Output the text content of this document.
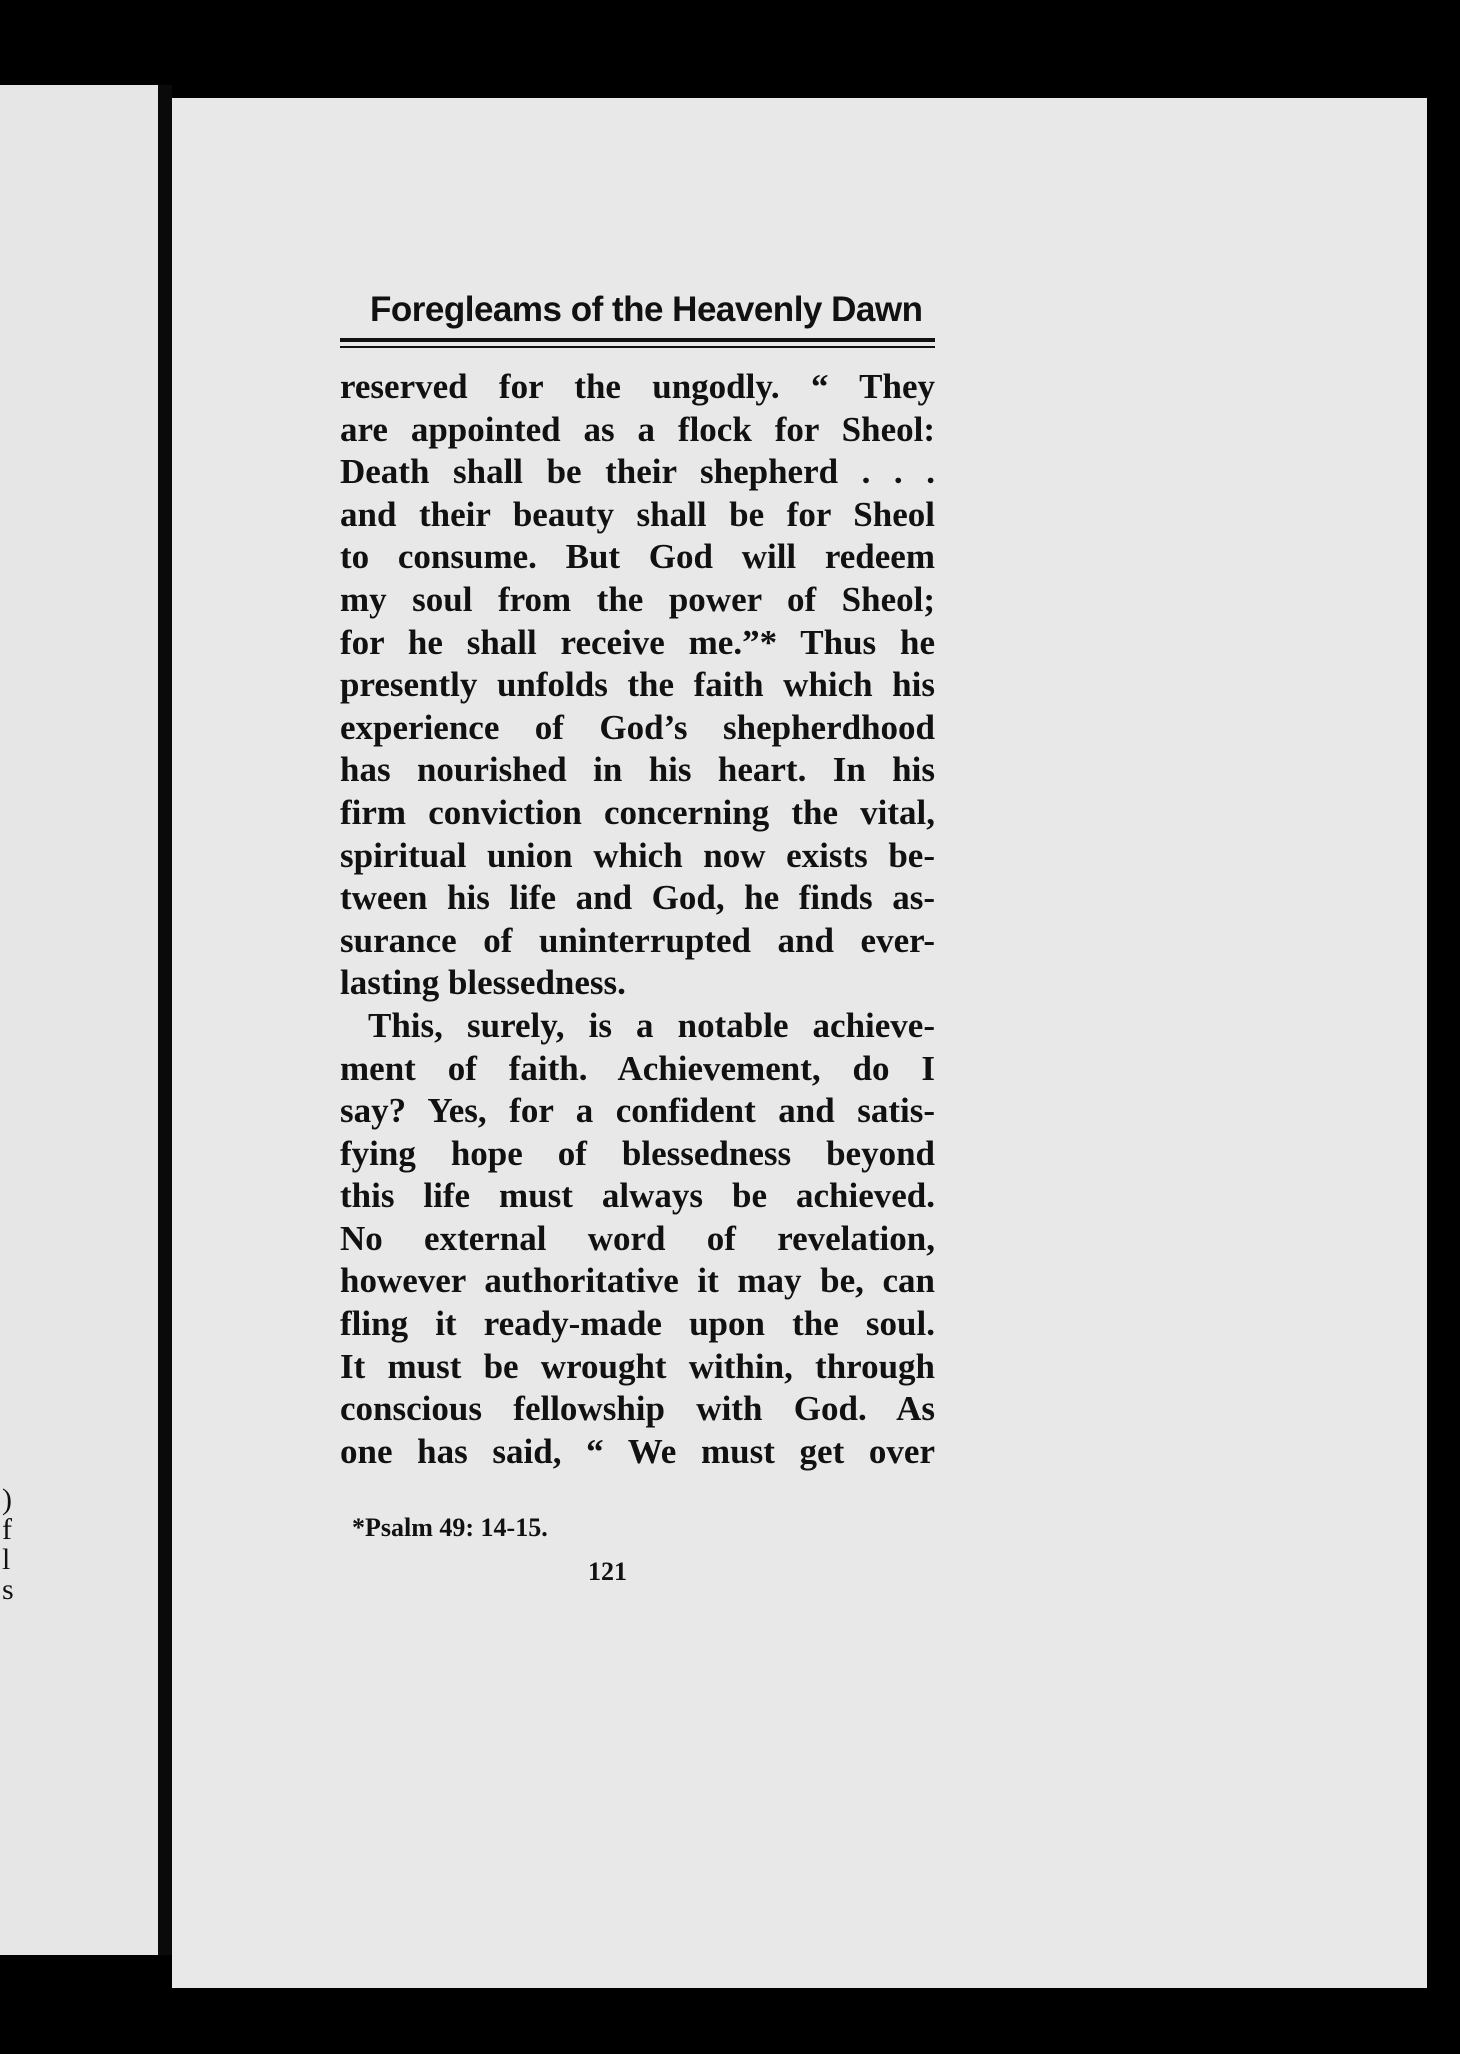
)
f
l
s
Foregleams of the Heavenly Dawn
reserved for the ungodly. “ They
are appointed as a flock for Sheol:
Death shall be their shepherd . . .
and their beauty shall be for Sheol
to consume. But God will redeem
my soul from the power of Sheol;
for he shall receive me.”* Thus he
presently unfolds the faith which his
experience of God’s shepherdhood
has nourished in his heart. In his
firm conviction concerning the vital,
spiritual union which now exists be-
tween his life and God, he finds as-
surance of uninterrupted and ever-
lasting blessedness.
This, surely, is a notable achieve-
ment of faith. Achievement, do I
say? Yes, for a confident and satis-
fying hope of blessedness beyond
this life must always be achieved.
No external word of revelation,
however authoritative it may be, can
fling it ready-made upon the soul.
It must be wrought within, through
conscious fellowship with God. As
one has said, “ We must get over
*Psalm 49: 14-15.
121
